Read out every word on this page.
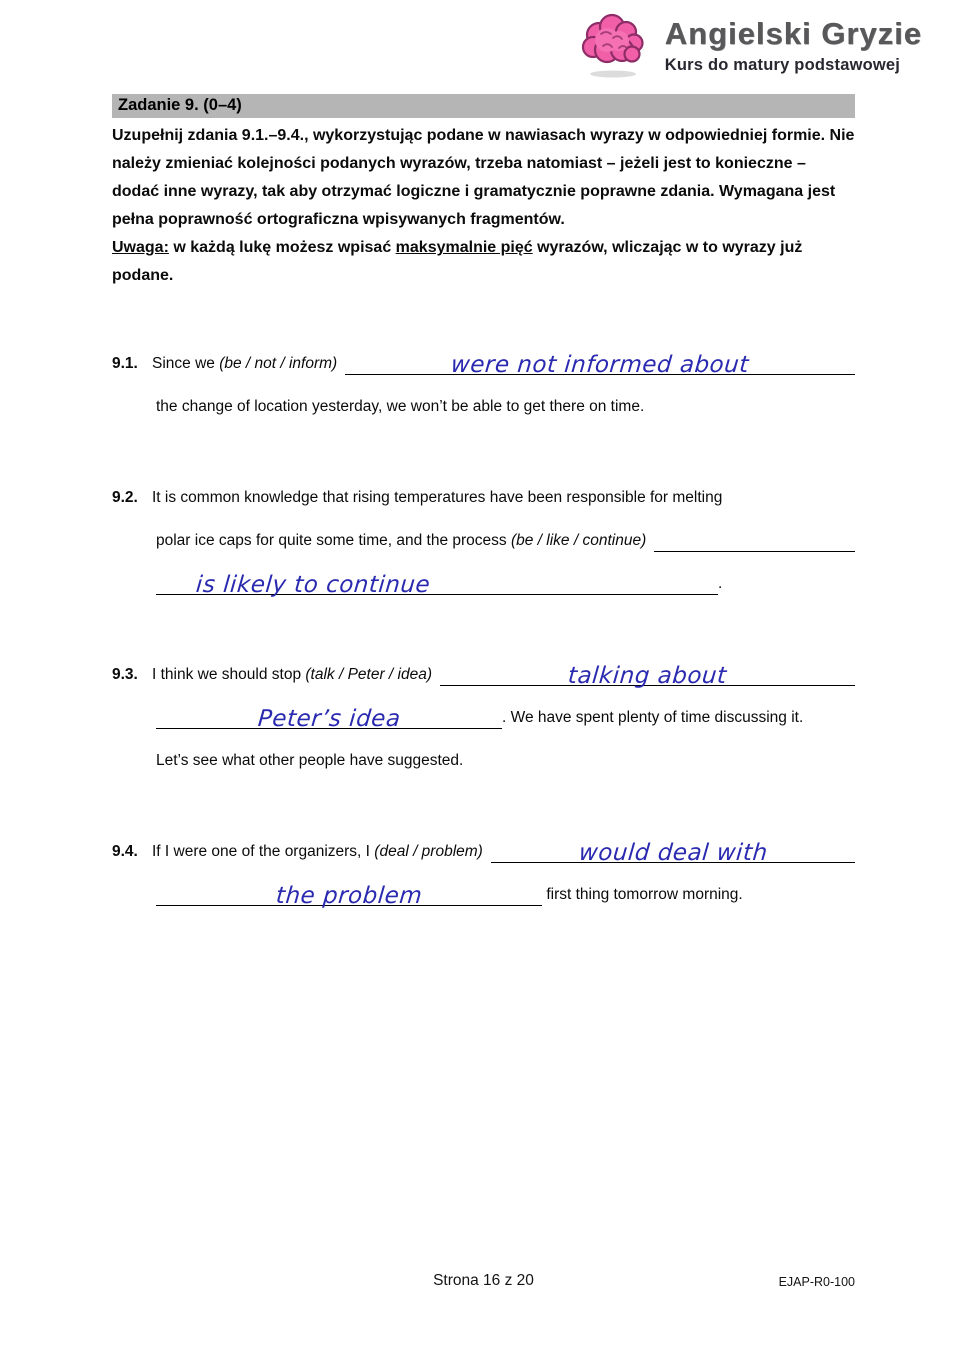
Angielski Gryzie
Kurs do matury podstawowej
Zadanie 9. (0–4)
Uzupełnij zdania 9.1.–9.4., wykorzystując podane w nawiasach wyrazy w odpowiedniej formie. Nie należy zmieniać kolejności podanych wyrazów, trzeba natomiast – jeżeli jest to konieczne – dodać inne wyrazy, tak aby otrzymać logiczne i gramatycznie poprawne zdania. Wymagana jest pełna poprawność ortograficzna wpisywanych fragmentów.
Uwaga: w każdą lukę możesz wpisać maksymalnie pięć wyrazów, wliczając w to wyrazy już podane.
9.1. Since we (be / not / inform)	were not informed about
the change of location yesterday, we won’t be able to get there on time.
9.2. It is common knowledge that rising temperatures have been responsible for melting
polar ice caps for quite some time, and the process (be / like / continue)
is likely to continue	.
9.3. I think we should stop (talk / Peter / idea)	talking about
Peter’s idea	. We have spent plenty of time discussing it.
Let’s see what other people have suggested.
9.4. If I were one of the organizers, I (deal / problem)	would deal with
the problem	first thing tomorrow morning.
Strona 16 z 20	EJAP-R0-100
